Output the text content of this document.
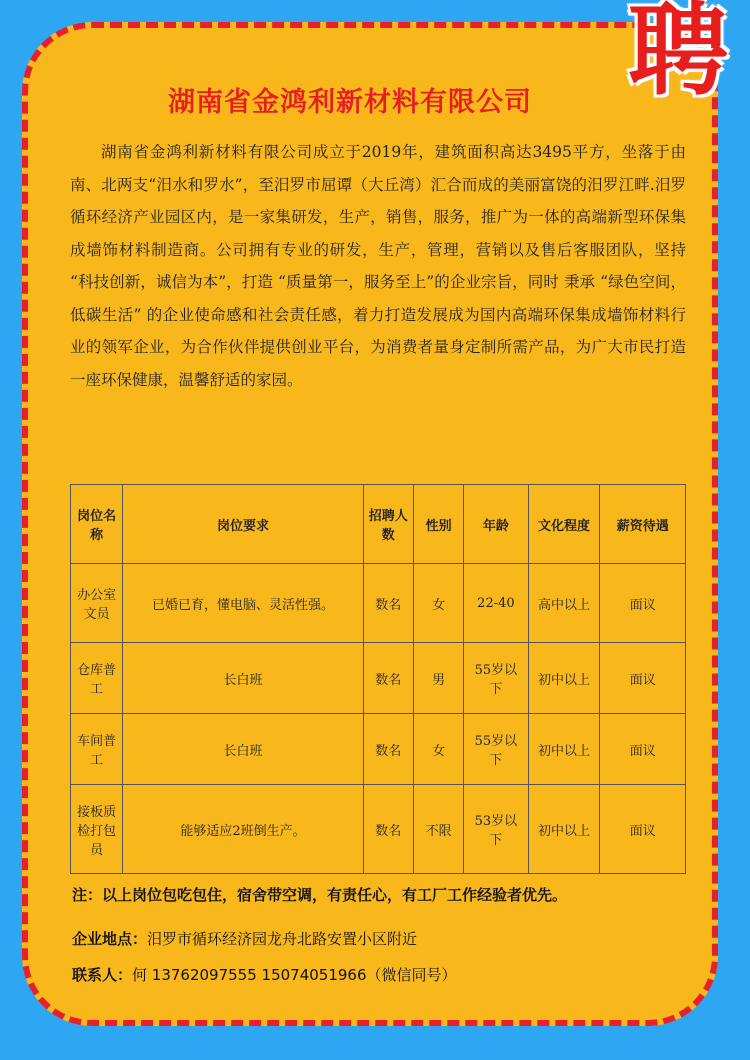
聘
湖南省金鸿利新材料有限公司

湖南省金鸿利新材料有限公司成立于2019年，建筑面积高达3495平方，坐落于由南、北两支“汨水和罗水”，至汨罗市屈谭（大丘湾）汇合而成的美丽富饶的汨罗江畔.汨罗循环经济产业园区内，是一家集研发，生产，销售，服务，推广为一体的高端新型环保集成墙饰材料制造商。公司拥有专业的研发，生产，管理，营销以及售后客服团队，坚持 “科技创新，诚信为本”，打造 “质量第一，服务至上”的企业宗旨，同时 秉承 “绿色空间，低碳生活” 的企业使命感和社会责任感，着力打造发展成为国内高端环保集成墙饰材料行业的领军企业，为合作伙伴提供创业平台，为消费者量身定制所需产品，为广大市民打造一座环保健康，温馨舒适的家园。

岗位名称	岗位要求	招聘人数	性别	年龄	文化程度	薪资待遇
办公室文员	已婚已育，懂电脑、灵活性强。	数名	女	22-40	高中以上	面议
仓库普工	长白班	数名	男	55岁以下	初中以上	面议
车间普工	长白班	数名	女	55岁以下	初中以上	面议
接板质检打包员	能够适应2班倒生产。	数名	不限	53岁以下	初中以上	面议
注：以上岗位包吃包住，宿舍带空调，有责任心，有工厂工作经验者优先。
企业地点：汨罗市循环经济园龙舟北路安置小区附近
联系人：何 13762097555 15074051966（微信同号）
